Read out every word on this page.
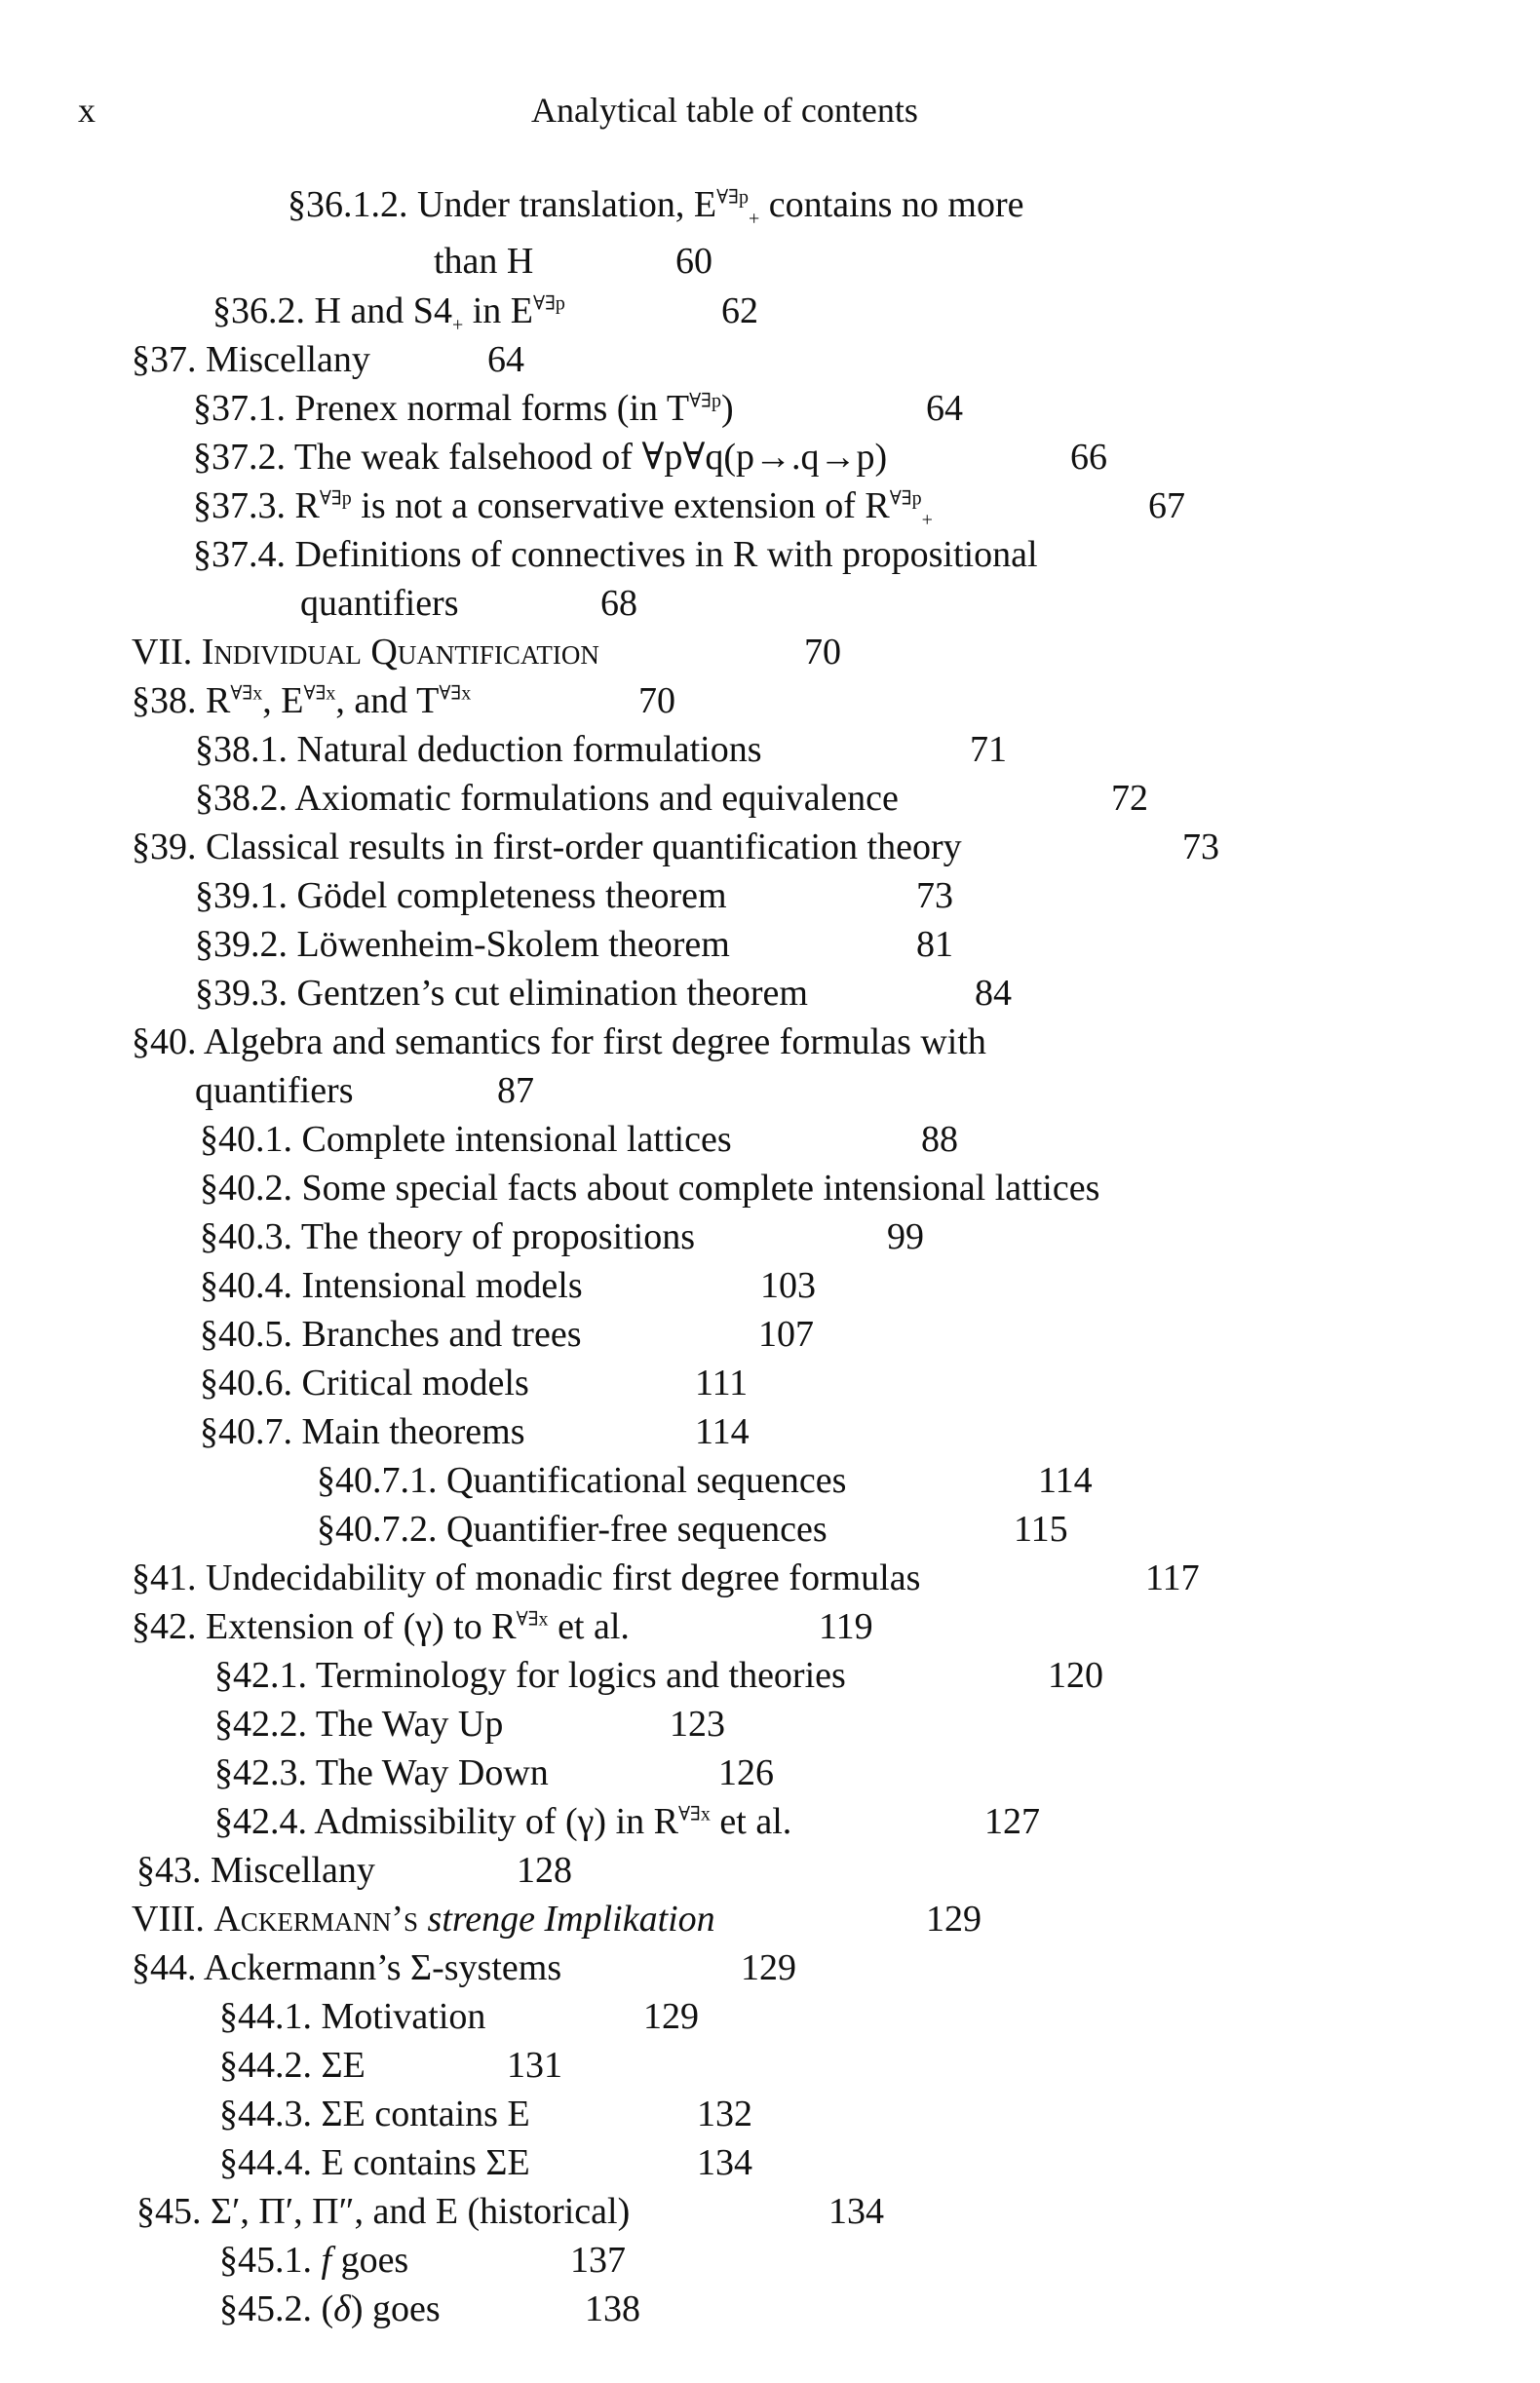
x	Analytical table of contents
§36.1.2. Under translation, $E^{\forall\exists p}_+$ contains no more
than H	60
§36.2. H and $S4_+$ in $E^{\forall\exists p}$	62
§37. Miscellany	64
§37.1. Prenex normal forms (in $T^{\forall\exists p}$)	64
§37.2. The weak falsehood of ∀p∀q(p→.q→p)	66
§37.3. $R^{\forall\exists p}$ is not a conservative extension of $R^{\forall\exists p}_+$	67
§37.4. Definitions of connectives in R with propositional
quantifiers	68
VII. Individual Quantification	70
§38. $R^{\forall\exists x}$, $E^{\forall\exists x}$, and $T^{\forall\exists x}$	70
§38.1. Natural deduction formulations	71
§38.2. Axiomatic formulations and equivalence	72
§39. Classical results in first-order quantification theory	73
§39.1. Gödel completeness theorem	73
§39.2. Löwenheim-Skolem theorem	81
§39.3. Gentzen’s cut elimination theorem	84
§40. Algebra and semantics for first degree formulas with
quantifiers	87
§40.1. Complete intensional lattices	88
§40.2. Some special facts about complete intensional lattices
§40.3. The theory of propositions	99
§40.4. Intensional models	103
§40.5. Branches and trees	107
§40.6. Critical models	111
§40.7. Main theorems	114
§40.7.1. Quantificational sequences	114
§40.7.2. Quantifier-free sequences	115
§41. Undecidability of monadic first degree formulas	117
§42. Extension of (γ) to $R^{\forall\exists x}$ et al.	119
§42.1. Terminology for logics and theories	120
§42.2. The Way Up	123
§42.3. The Way Down	126
§42.4. Admissibility of (γ) in $R^{\forall\exists x}$ et al.	127
§43. Miscellany	128
VIII. Ackermann’s strenge Implikation	129
§44. Ackermann’s Σ-systems	129
§44.1. Motivation	129
§44.2. ΣE	131
§44.3. ΣE contains E	132
§44.4. E contains ΣE	134
§45. Σ′, Π′, Π″, and E (historical)	134
§45.1. f goes	137
§45.2. (δ) goes	138
